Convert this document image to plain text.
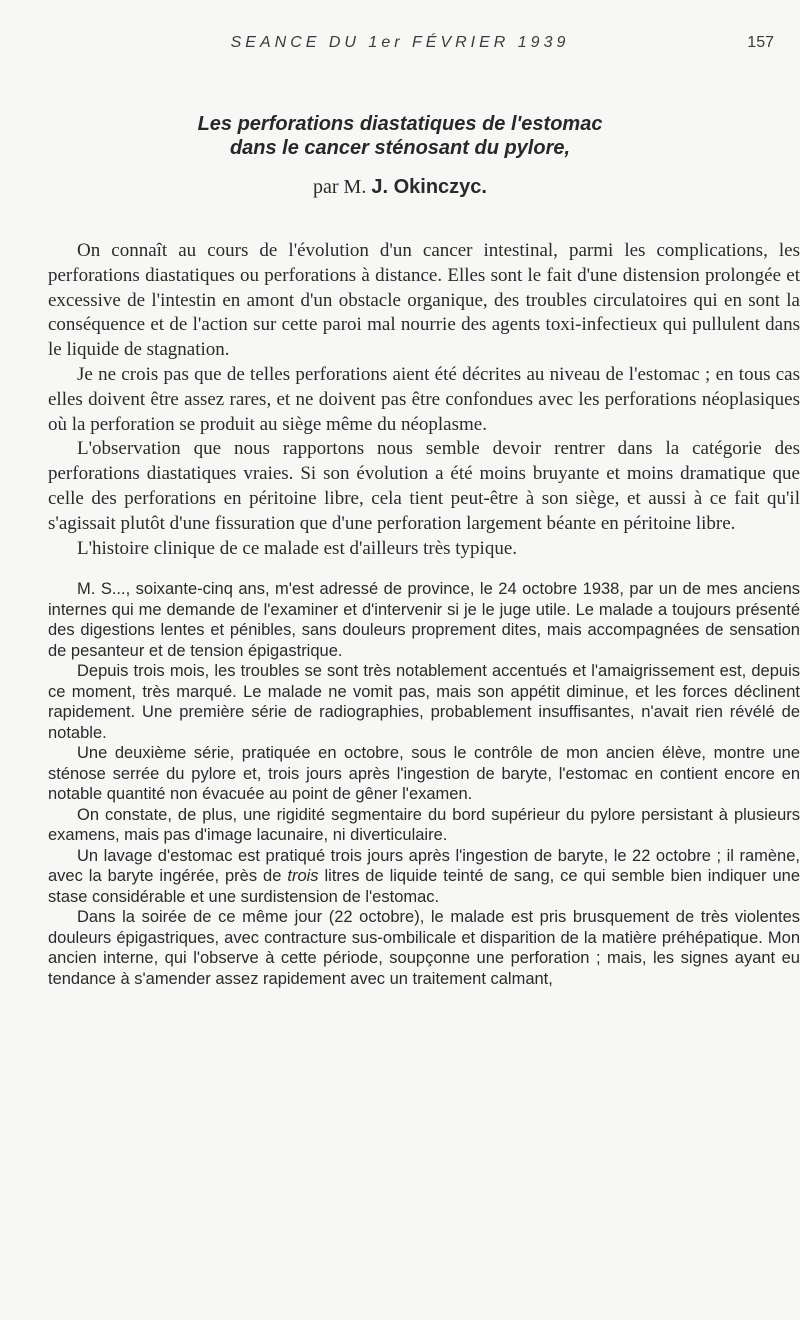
SEANCE DU 1er FÉVRIER 1939	157
Les perforations diastatiques de l'estomac
dans le cancer sténosant du pylore,
par M. J. Okinczyc.

On connaît au cours de l'évolution d'un cancer intestinal, parmi les complications, les perforations diastatiques ou perforations à distance. Elles sont le fait d'une distension prolongée et excessive de l'intestin en amont d'un obstacle organique, des troubles circulatoires qui en sont la conséquence et de l'action sur cette paroi mal nourrie des agents toxi-infectieux qui pullulent dans le liquide de stagnation.

Je ne crois pas que de telles perforations aient été décrites au niveau de l'estomac ; en tous cas elles doivent être assez rares, et ne doivent pas être confondues avec les perforations néoplasiques où la perforation se produit au siège même du néoplasme.

L'observation que nous rapportons nous semble devoir rentrer dans la catégorie des perforations diastatiques vraies. Si son évolution a été moins bruyante et moins dramatique que celle des perforations en péritoine libre, cela tient peut-être à son siège, et aussi à ce fait qu'il s'agissait plutôt d'une fissuration que d'une perforation largement béante en péritoine libre.

L'histoire clinique de ce malade est d'ailleurs très typique.

M. S..., soixante-cinq ans, m'est adressé de province, le 24 octobre 1938, par un de mes anciens internes qui me demande de l'examiner et d'intervenir si je le juge utile. Le malade a toujours présenté des digestions lentes et pénibles, sans douleurs proprement dites, mais accompagnées de sensation de pesanteur et de tension épigastrique.

Depuis trois mois, les troubles se sont très notablement accentués et l'amaigrissement est, depuis ce moment, très marqué. Le malade ne vomit pas, mais son appétit diminue, et les forces déclinent rapidement. Une première série de radiographies, probablement insuffisantes, n'avait rien révélé de notable.

Une deuxième série, pratiquée en octobre, sous le contrôle de mon ancien élève, montre une sténose serrée du pylore et, trois jours après l'ingestion de baryte, l'estomac en contient encore en notable quantité non évacuée au point de gêner l'examen.

On constate, de plus, une rigidité segmentaire du bord supérieur du pylore persistant à plusieurs examens, mais pas d'image lacunaire, ni diverticulaire.

Un lavage d'estomac est pratiqué trois jours après l'ingestion de baryte, le 22 octobre ; il ramène, avec la baryte ingérée, près de trois litres de liquide teinté de sang, ce qui semble bien indiquer une stase considérable et une surdistension de l'estomac.

Dans la soirée de ce même jour (22 octobre), le malade est pris brusquement de très violentes douleurs épigastriques, avec contracture sus-ombilicale et disparition de la matière préhépatique. Mon ancien interne, qui l'observe à cette période, soupçonne une perforation ; mais, les signes ayant eu tendance à s'amender assez rapidement avec un traitement calmant,
